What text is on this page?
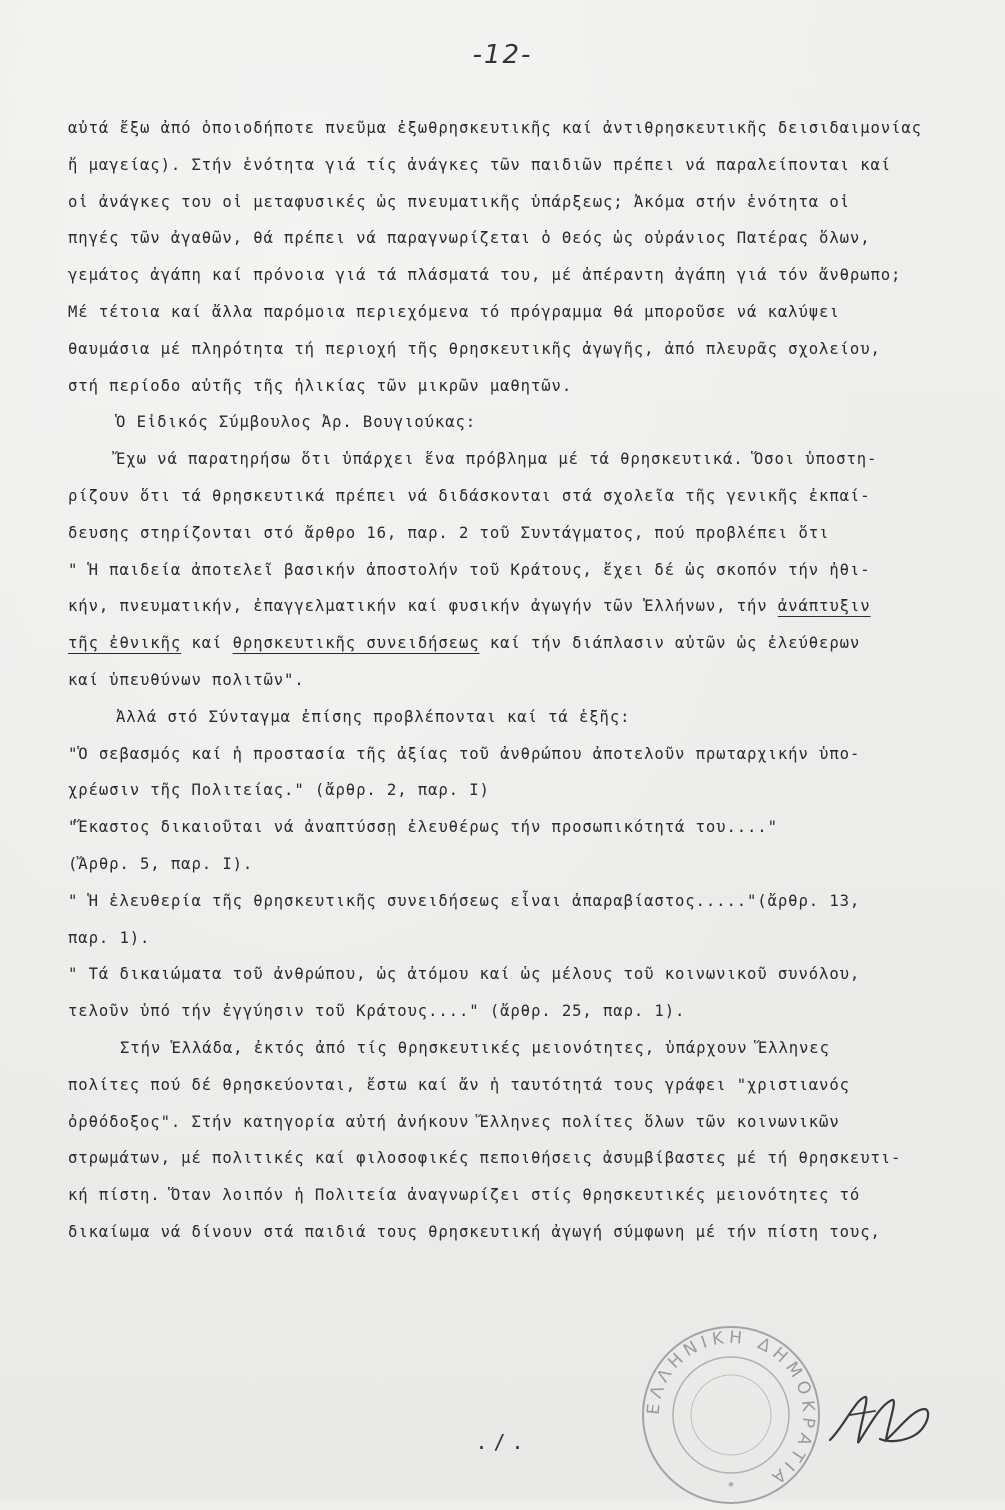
-12-
αὐτά ἔξω ἀπό ὁποιοδήποτε πνεῦμα ἐξωθρησκευτικῆς καί ἀντιθρησκευτικῆς δεισιδαιμονίας
ἤ μαγείας). Στήν ἑνότητα γιά τίς ἀνάγκες τῶν παιδιῶν πρέπει νά παραλείπονται καί
οἱ ἀνάγκες του οἱ μεταφυσικές ὡς πνευματικῆς ὑπάρξεως; Ἀκόμα στήν ἑνότητα οἱ
πηγές τῶν ἀγαθῶν, θά πρέπει νά παραγνωρίζεται ὁ Θεός ὡς οὐράνιος Πατέρας ὅλων,
γεμάτος ἀγάπη καί πρόνοια γιά τά πλάσματά του, μέ ἀπέραντη ἀγάπη γιά τόν ἄνθρωπο;
Μέ τέτοια καί ἄλλα παρόμοια περιεχόμενα τό πρόγραμμα θά μποροῦσε νά καλύψει
θαυμάσια μέ πληρότητα τή περιοχή τῆς θρησκευτικῆς ἀγωγῆς, ἀπό πλευρᾶς σχολείου,
στή περίοδο αὐτῆς τῆς ἡλικίας τῶν μικρῶν μαθητῶν.
Ὁ Εἰδικός Σύμβουλος Ἀρ. Βουγιούκας:
Ἔχω νά παρατηρήσω ὅτι ὑπάρχει ἕνα πρόβλημα μέ τά θρησκευτικά. Ὅσοι ὑποστη-
ρίζουν ὅτι τά θρησκευτικά πρέπει νά διδάσκονται στά σχολεῖα τῆς γενικῆς ἐκπαί-
δευσης στηρίζονται στό ἄρθρο 16, παρ. 2 τοῦ Συντάγματος, πού προβλέπει ὅτι
" Ἡ παιδεία ἀποτελεῖ βασικήν ἀποστολήν τοῦ Κράτους, ἔχει δέ ὡς σκοπόν τήν ἠθι-
κήν, πνευματικήν, ἐπαγγελματικήν καί φυσικήν ἀγωγήν τῶν Ἑλλήνων, τήν ἀνάπτυξιν
τῆς ἐθνικῆς καί θρησκευτικῆς συνειδήσεως καί τήν διάπλασιν αὐτῶν ὡς ἐλεύθερων
καί ὑπευθύνων πολιτῶν".
Ἀλλά στό Σύνταγμα ἐπίσης προβλέπονται καί τά ἑξῆς:
"Ὁ σεβασμός καί ἡ προστασία τῆς ἀξίας τοῦ ἀνθρώπου ἀποτελοῦν πρωταρχικήν ὑπο-
χρέωσιν τῆς Πολιτείας." (ἄρθρ. 2, παρ. Ι)
"Ἕκαστος δικαιοῦται νά ἀναπτύσσῃ ἐλευθέρως τήν προσωπικότητά του...."
(Ἄρθρ. 5, παρ. Ι).
" Ἡ ἐλευθερία τῆς θρησκευτικῆς συνειδήσεως εἶναι ἀπαραβίαστος....."(ἄρθρ. 13,
παρ. 1).
" Τά δικαιώματα τοῦ ἀνθρώπου, ὡς ἀτόμου καί ὡς μέλους τοῦ κοινωνικοῦ συνόλου,
τελοῦν ὑπό τήν ἐγγύησιν τοῦ Κράτους...." (ἄρθρ. 25, παρ. 1).
Στήν Ἑλλάδα, ἐκτός ἀπό τίς θρησκευτικές μειονότητες, ὑπάρχουν Ἕλληνες
πολίτες πού δέ θρησκεύονται, ἔστω καί ἄν ἡ ταυτότητά τους γράφει "χριστιανός
ὀρθόδοξος". Στήν κατηγορία αὐτή ἀνήκουν Ἕλληνες πολίτες ὅλων τῶν κοινωνικῶν
στρωμάτων, μέ πολιτικές καί φιλοσοφικές πεποιθήσεις ἀσυμβίβαστες μέ τή θρησκευτι-
κή πίστη. Ὅταν λοιπόν ἡ Πολιτεία ἀναγνωρίζει στίς θρησκευτικές μειονότητες τό
δικαίωμα νά δίνουν στά παιδιά τους θρησκευτική ἀγωγή σύμφωνη μέ τήν πίστη τους,
ΕΛΛΗΝΙΚΗ ΔΗΜΟΚΡΑΤΙΑ
✶
./.
